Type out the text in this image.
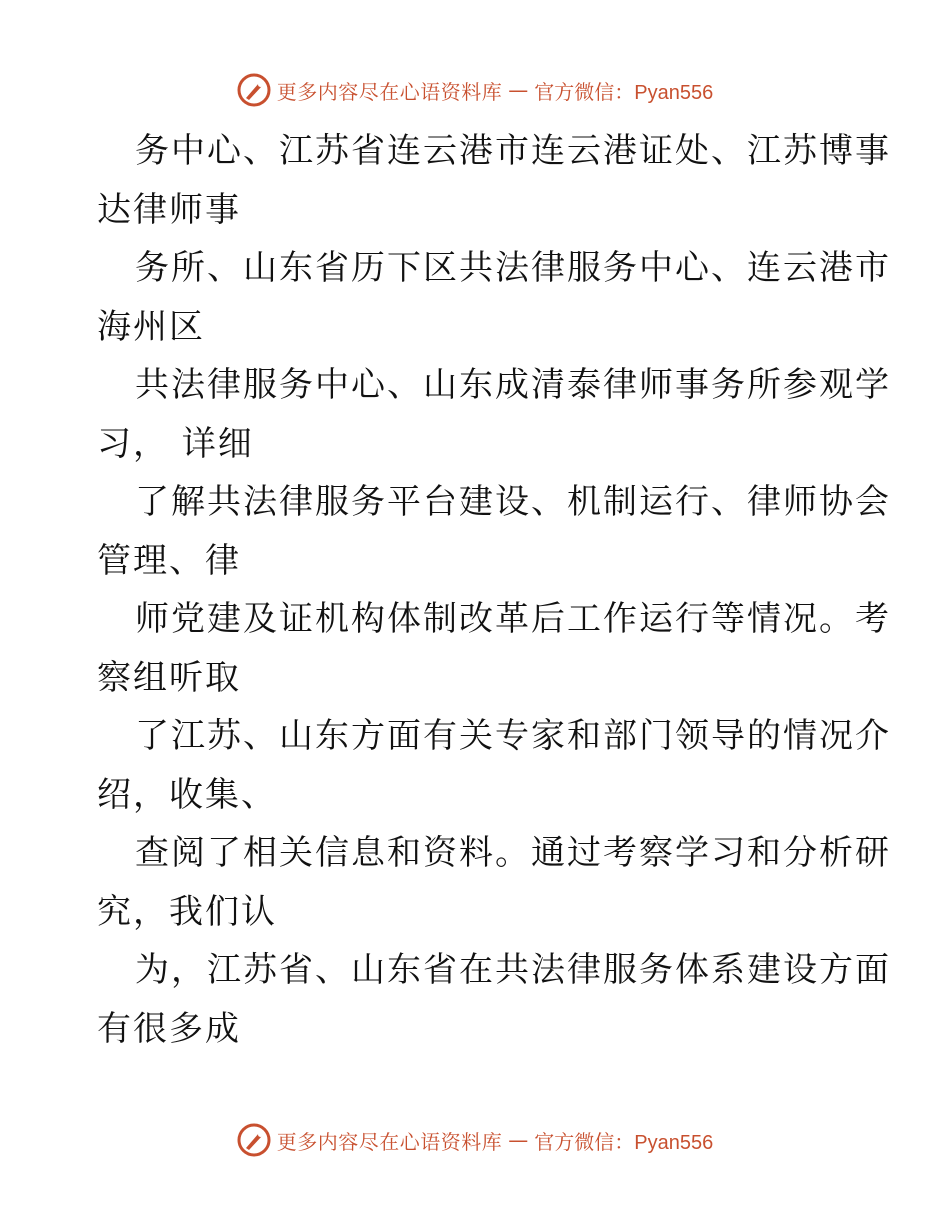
更多内容尽在心语资料库 — 官方微信：Pyan556

务中心、江苏省连云港市连云港证处、江苏博事
达律师事

务所、山东省历下区共法律服务中心、连云港市
海州区

共法律服务中心、山东成清泰律师事务所参观学
习， 详细

了解共法律服务平台建设、机制运行、律师协会
管理、律

师党建及证机构体制改革后工作运行等情况。考
察组听取

了江苏、山东方面有关专家和部门领导的情况介
绍，收集、

查阅了相关信息和资料。通过考察学习和分析研
究，我们认

为，江苏省、山东省在共法律服务体系建设方面
有很多成

更多内容尽在心语资料库 — 官方微信：Pyan556
